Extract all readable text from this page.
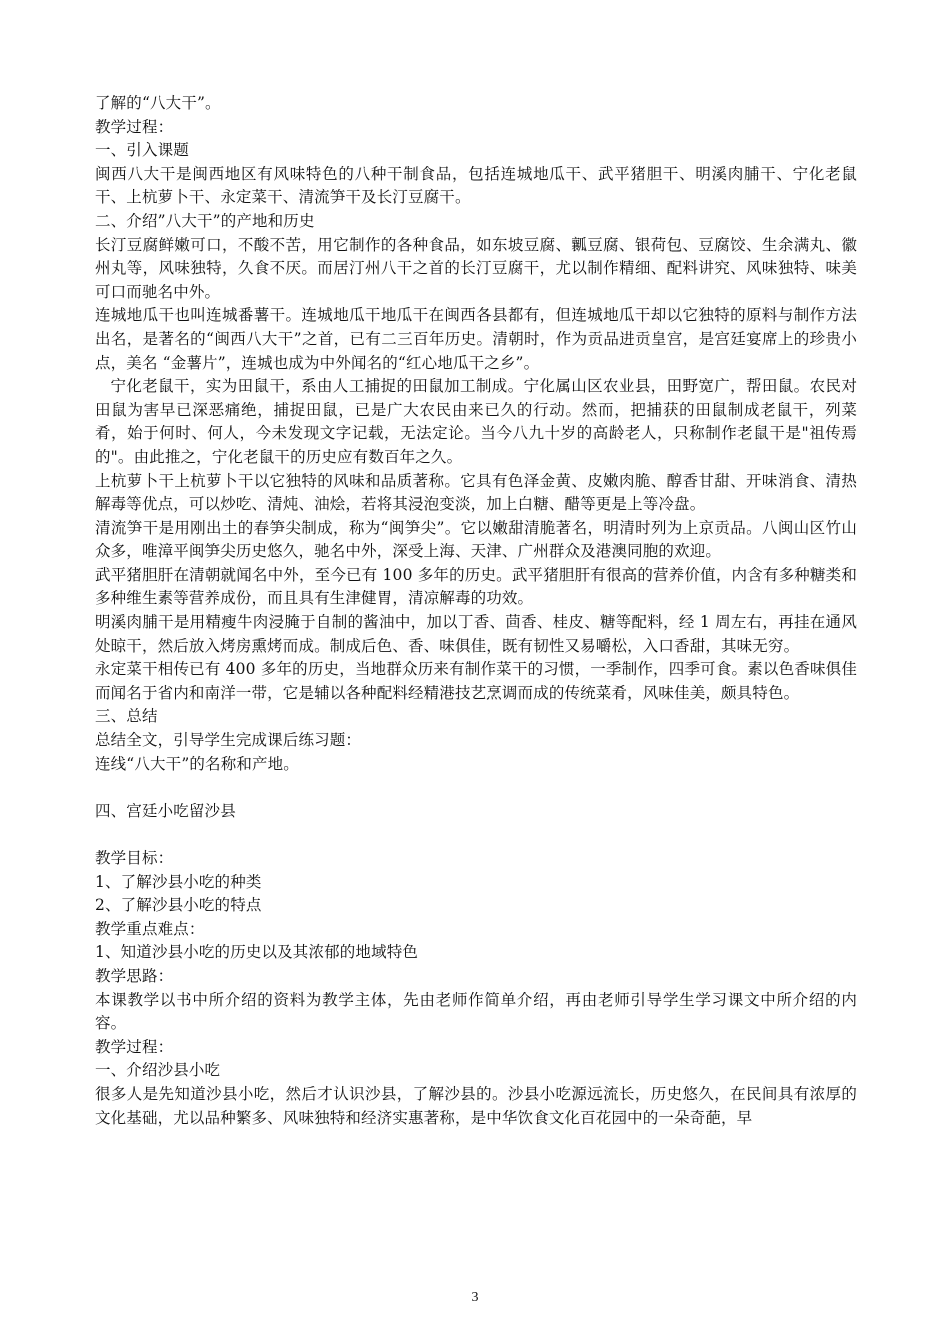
了解的“八大干”。

教学过程：

一、引入课题

闽西八大干是闽西地区有风味特色的八种干制食品，包括连城地瓜干、武平猪胆干、明溪肉脯干、宁化老鼠干、上杭萝卜干、永定菜干、清流笋干及长汀豆腐干。

二、介绍”八大干”的产地和历史

长汀豆腐鲜嫩可口，不酸不苦，用它制作的各种食品，如东坡豆腐、瓤豆腐、银荷包、豆腐饺、生余满丸、徽州丸等，风味独特，久食不厌。而居汀州八干之首的长汀豆腐干，尤以制作精细、配料讲究、风味独特、味美可口而驰名中外。

连城地瓜干也叫连城番薯干。连城地瓜干地瓜干在闽西各县都有，但连城地瓜干却以它独特的原料与制作方法出名，是著名的“闽西八大干”之首，已有二三百年历史。清朝时，作为贡品进贡皇宫，是宫廷宴席上的珍贵小点，美名 “金薯片”，连城也成为中外闻名的“红心地瓜干之乡”。

宁化老鼠干，实为田鼠干，系由人工捕捉的田鼠加工制成。宁化属山区农业县，田野宽广，帮田鼠。农民对田鼠为害早已深恶痛绝，捕捉田鼠，已是广大农民由来已久的行动。然而，把捕获的田鼠制成老鼠干，列菜肴，始于何时、何人，今未发现文字记载，无法定论。当今八九十岁的高龄老人，只称制作老鼠干是"祖传焉的"。由此推之，宁化老鼠干的历史应有数百年之久。

上杭萝卜干上杭萝卜干以它独特的风味和品质著称。它具有色泽金黄、皮嫩肉脆、醇香甘甜、开味消食、清热解毒等优点，可以炒吃、清炖、油烩，若将其浸泡变淡，加上白糖、醋等更是上等冷盘。

清流笋干是用刚出土的春笋尖制成，称为“闽笋尖”。它以嫩甜清脆著名，明清时列为上京贡品。八闽山区竹山众多，唯漳平闽笋尖历史悠久，驰名中外，深受上海、天津、广州群众及港澳同胞的欢迎。

武平猪胆肝在清朝就闻名中外，至今已有 100 多年的历史。武平猪胆肝有很高的营养价值，内含有多种糖类和多种维生素等营养成份，而且具有生津健胃，清凉解毒的功效。

明溪肉脯干是用精瘦牛肉浸腌于自制的酱油中，加以丁香、茴香、桂皮、糖等配料，经 1 周左右，再挂在通风处晾干，然后放入烤房熏烤而成。制成后色、香、味俱佳，既有韧性又易嚼松，入口香甜，其味无穷。

永定菜干相传已有 400 多年的历史，当地群众历来有制作菜干的习惯，一季制作，四季可食。素以色香味俱佳而闻名于省内和南洋一带，它是辅以各种配料经精港技艺烹调而成的传统菜肴，风味佳美，颇具特色。

三、总结

总结全文，引导学生完成课后练习题：

连线“八大干”的名称和产地。

四、宫廷小吃留沙县

教学目标：

1、了解沙县小吃的种类

2、了解沙县小吃的特点

教学重点难点：

1、知道沙县小吃的历史以及其浓郁的地域特色

教学思路：

本课教学以书中所介绍的资料为教学主体，先由老师作简单介绍，再由老师引导学生学习课文中所介绍的内容。

教学过程：

一、介绍沙县小吃

很多人是先知道沙县小吃，然后才认识沙县，了解沙县的。沙县小吃源远流长，历史悠久，在民间具有浓厚的文化基础，尤以品种繁多、风味独特和经济实惠著称，是中华饮食文化百花园中的一朵奇葩，早

3
